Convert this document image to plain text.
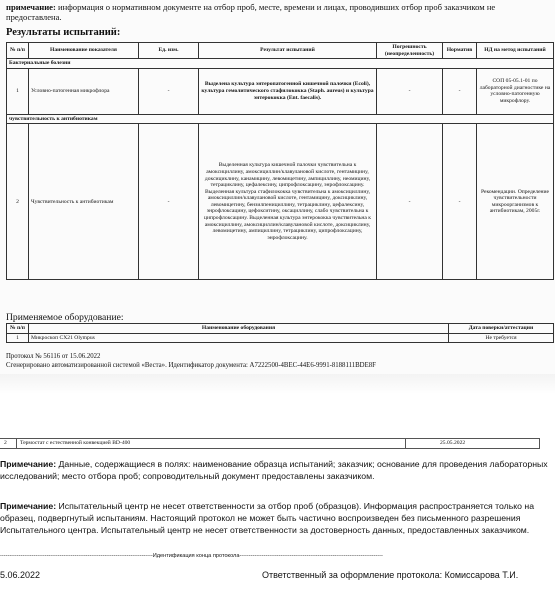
примечание: информация о нормативном документе на отбор проб, месте, времени и лицах, проводивших отбор проб заказчиком не предоставлена.
Результаты испытаний:
№ п/п	Наименование показателя	Ед. изм.	Результат испытаний	Погрешность (неопределенность)	Норматив	НД на метод испытаний
Бактериальные болезни						
1	Условно-патогенная микрофлора	-	Выделена культура энтеропатогенной кишечной палочки (Ecoli), культура гемолитического стафилококка (Staph. aureus) и культура энтерококка (Ent. faecalis).	-	-	СОП 05-05.1-01 по лабораторной диагностике на условно-патогенную микрофлору.
чувствительность к антибиотикам						
2	Чувствительность к антибиотикам	-	Выделенная культура кишечной палочки чувствительна к амоксициллину, амоксициллин/клавулановой кислоте, гентамицину, доксициклину, канамицину, левомицетину, ампициллину, неомицину, тетрациклину, цефалексину, ципрофлоксацину, энрофлоксацину. Выделенная культура стафилококка чувствительна к амоксициллину, амоксициллин/клавулановой кислоте, гентамицину, доксициклину, левомицетину, бензилпенициллину, тетрациклину, цефалексину, энрофлоксацину, цефокситину, оксациллину, слабо чувствительна к ципрофлоксацину. Выделенная культура энтерококка чувствительна к амоксициллину, амоксициллин/клавулановой кислоте, доксициклину, левомицетину, ампициллину, тетрациклину, ципрофлоксацину, энрофлоксацину.	-	-	Рекомендации. Определение чувствительности микроорганизмов к антибиотикам, 2005г.
Применяемое оборудование:
№ п/п	Наименование оборудования	Дата поверки/аттестации
1	Микроскоп CX21 Olympus	Не требуется
Протокол № 56116 от 15.06.2022
Сгенерировано автоматизированной системой «Веста». Идентификатор документа: A7222500-4BEC-44E6-9991-8188111BDE8F
2 Термостат с естественной конвекцией BD-400	25.05.2022
Примечание: Данные, содержащиеся в полях: наименование образца испытаний; заказчик; основание для проведения лабораторных исследований; место отбора проб; сопроводительный документ предоставлены заказчиком.
Примечание: Испытательный центр не несет ответственности за отбор проб (образцов). Информация распространяется только на образец, подвергнутый испытаниям. Настоящий протокол не может быть частично воспроизведен без письменного разрешения Испытательного центра. Испытательный центр не несет ответственности за достоверность данных, предоставленных заказчиком.
----------------------------------------------------------------------------------Идентификация конца протокола-----------------------------------------------------------------------------
5.06.2022	Ответственный за оформление протокола: Комиссарова Т.И.
